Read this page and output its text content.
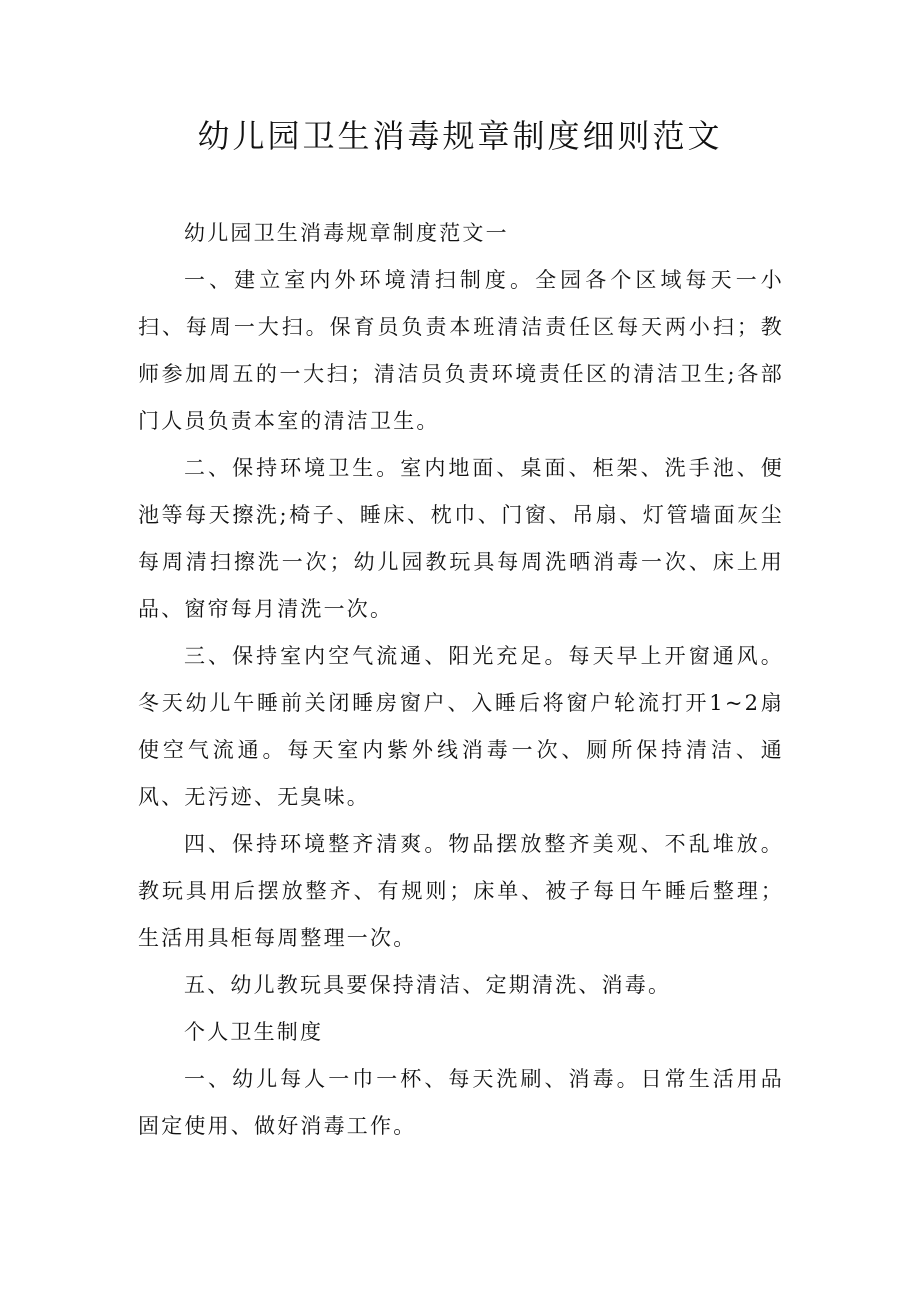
幼儿园卫生消毒规章制度细则范文

幼儿园卫生消毒规章制度范文一

一、建立室内外环境清扫制度。全园各个区域每天一小扫、每周一大扫。保育员负责本班清洁责任区每天两小扫；教师参加周五的一大扫；清洁员负责环境责任区的清洁卫生;各部门人员负责本室的清洁卫生。

二、保持环境卫生。室内地面、桌面、柜架、洗手池、便池等每天擦洗;椅子、睡床、枕巾、门窗、吊扇、灯管墙面灰尘每周清扫擦洗一次；幼儿园教玩具每周洗晒消毒一次、床上用品、窗帘每月清洗一次。

三、保持室内空气流通、阳光充足。每天早上开窗通风。冬天幼儿午睡前关闭睡房窗户、入睡后将窗户轮流打开1~2扇使空气流通。每天室内紫外线消毒一次、厕所保持清洁、通风、无污迹、无臭味。

四、保持环境整齐清爽。物品摆放整齐美观、不乱堆放。教玩具用后摆放整齐、有规则；床单、被子每日午睡后整理；生活用具柜每周整理一次。

五、幼儿教玩具要保持清洁、定期清洗、消毒。

个人卫生制度

一、幼儿每人一巾一杯、每天洗刷、消毒。日常生活用品固定使用、做好消毒工作。
